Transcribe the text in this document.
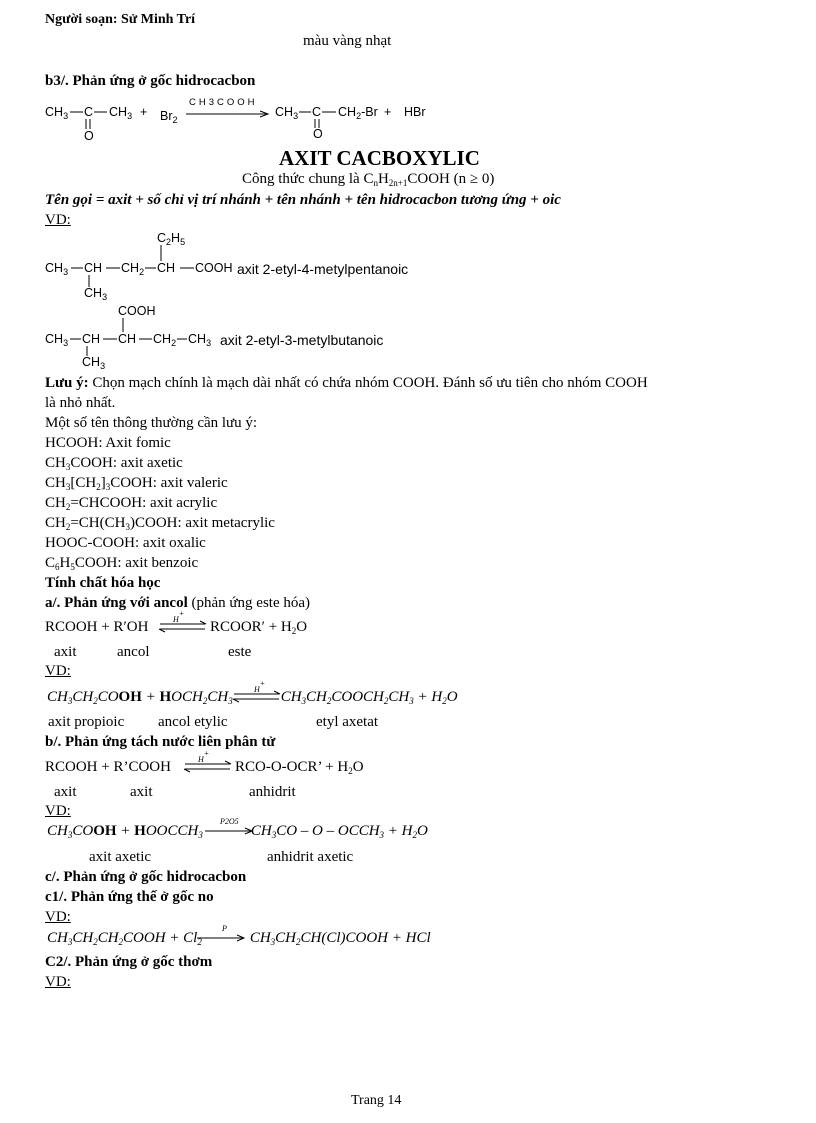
Người soạn: Sử Minh Trí
màu vàng nhạt
b3/. Phản ứng ở gốc hidrocacbon
$CH_3$ C $CH_3 + Br_2$
CH3COOH
$CH_3$ C $CH_2-Br$ + HBr
O	O
AXIT CACBOXYLIC
Công thức chung là $C_nH_{2n+1}COOH$ (n ≥ 0)
Tên gọi = axit + số chỉ vị trí nhánh + tên nhánh + tên hidrocacbon tương ứng + oic
VD:
$C_2H_5$
$CH_3$ CH $CH_2$ CH COOH axit 2-etyl-4-metylpentanoic
$CH_3$
COOH
$CH_3$ CH CH $CH_2$ $CH_3$ axit 2-etyl-3-metylbutanoic
$CH_3$
Lưu ý: Chọn mạch chính là mạch dài nhất có chứa nhóm COOH. Đánh số ưu tiên cho nhóm COOH
là nhỏ nhất.
Một số tên thông thường cần lưu ý:
HCOOH: Axit fomic
$CH_3COOH$: axit axetic
$CH_3[CH_2]_3COOH$: axit valeric
$CH_2=CHCOOH$: axit acrylic
$CH_2=CH(CH_3)COOH$: axit metacrylic
HOOC-COOH: axit oxalic
$C_6H_5COOH$: axit benzoic
Tính chất hóa học
a/. Phản ứng với ancol (phản ứng este hóa)
RCOOH + R′OH	H+
RCOOR′ + $H_2O$
axit	ancol	este
VD:
$CH_3CH_2COOH$ + $HOCH_2CH_3$	$CH_3CH_2COOCH_2CH_3 + H_2O$
H+
axit propioic ancol etylic	etyl axetat
b/. Phản ứng tách nước liên phân tử
RCOOH + R’COOH	H+
RCO-O-OCR’ + $H_2O$
axit	axit	anhidrit
VD:
$CH_3COOH$ + $HOOCCH_3$	$CH_3CO$ – $O - OCCH_3 + H_2O$
P2O5
axit axetic	anhidrit axetic
c/. Phản ứng ở gốc hidrocacbon
c1/. Phản ứng thế ở gốc no
VD:
$CH_3CH_2CH_2COOH + Cl_2$	$CH_3CH_2CH(Cl)COOH$ + HCl
P
C2/. Phản ứng ở gốc thơm
VD:
Trang 14
